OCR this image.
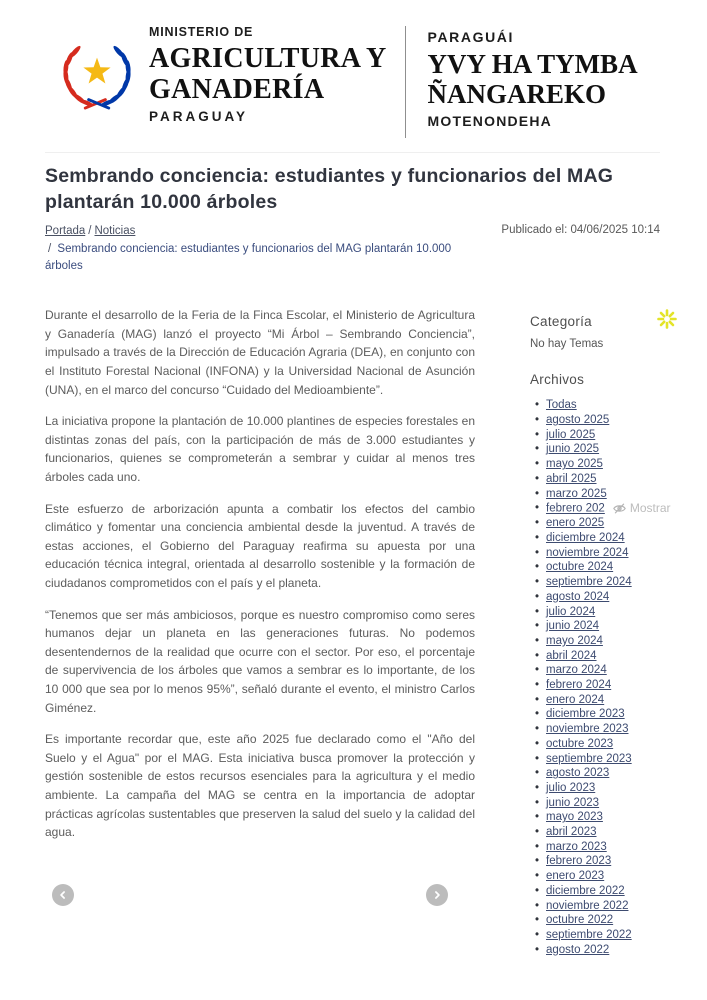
MINISTERIO DE
AGRICULTURA Y
GANADERÍA
PARAGUAY
PARAGUÁI
YVY HA TYMBA
ÑANGAREKO
MOTENONDEHA
Sembrando conciencia: estudiantes y funcionarios del MAG plantarán 10.000 árboles
Portada / Noticias / Sembrando conciencia: estudiantes y funcionarios del MAG plantarán 10.000 árboles
Publicado el: 04/06/2025 10:14

Durante el desarrollo de la Feria de la Finca Escolar, el Ministerio de Agricultura y Ganadería (MAG) lanzó el proyecto “Mi Árbol – Sembrando Conciencia”, impulsado a través de la Dirección de Educación Agraria (DEA), en conjunto con el Instituto Forestal Nacional (INFONA) y la Universidad Nacional de Asunción (UNA), en el marco del concurso “Cuidado del Medioambiente”.

La iniciativa propone la plantación de 10.000 plantines de especies forestales en distintas zonas del país, con la participación de más de 3.000 estudiantes y funcionarios, quienes se comprometerán a sembrar y cuidar al menos tres árboles cada uno.

Este esfuerzo de arborización apunta a combatir los efectos del cambio climático y fomentar una conciencia ambiental desde la juventud. A través de estas acciones, el Gobierno del Paraguay reafirma su apuesta por una educación técnica integral, orientada al desarrollo sostenible y la formación de ciudadanos comprometidos con el país y el planeta.

“Tenemos que ser más ambiciosos, porque es nuestro compromiso como seres humanos dejar un planeta en las generaciones futuras. No podemos desentendernos de la realidad que ocurre con el sector. Por eso, el porcentaje de supervivencia de los árboles que vamos a sembrar es lo importante, de los 10 000 que sea por lo menos 95%”, señaló durante el evento, el ministro Carlos Giménez.

Es importante recordar que, este año 2025 fue declarado como el "Año del Suelo y el Agua" por el MAG. Esta iniciativa busca promover la protección y gestión sostenible de estos recursos esenciales para la agricultura y el medio ambiente. La campaña del MAG se centra en la importancia de adoptar prácticas agrícolas sustentables que preserven la salud del suelo y la calidad del agua.

Categoría
No hay Temas
Archivos
• Todas
• agosto 2025
• julio 2025
• junio 2025
• mayo 2025
• abril 2025
• marzo 2025
• febrero 202 Mostrar
• enero 2025
• diciembre 2024
• noviembre 2024
• octubre 2024
• septiembre 2024
• agosto 2024
• julio 2024
• junio 2024
• mayo 2024
• abril 2024
• marzo 2024
• febrero 2024
• enero 2024
• diciembre 2023
• noviembre 2023
• octubre 2023
• septiembre 2023
• agosto 2023
• julio 2023
• junio 2023
• mayo 2023
• abril 2023
• marzo 2023
• febrero 2023
• enero 2023
• diciembre 2022
• noviembre 2022
• octubre 2022
• septiembre 2022
• agosto 2022
